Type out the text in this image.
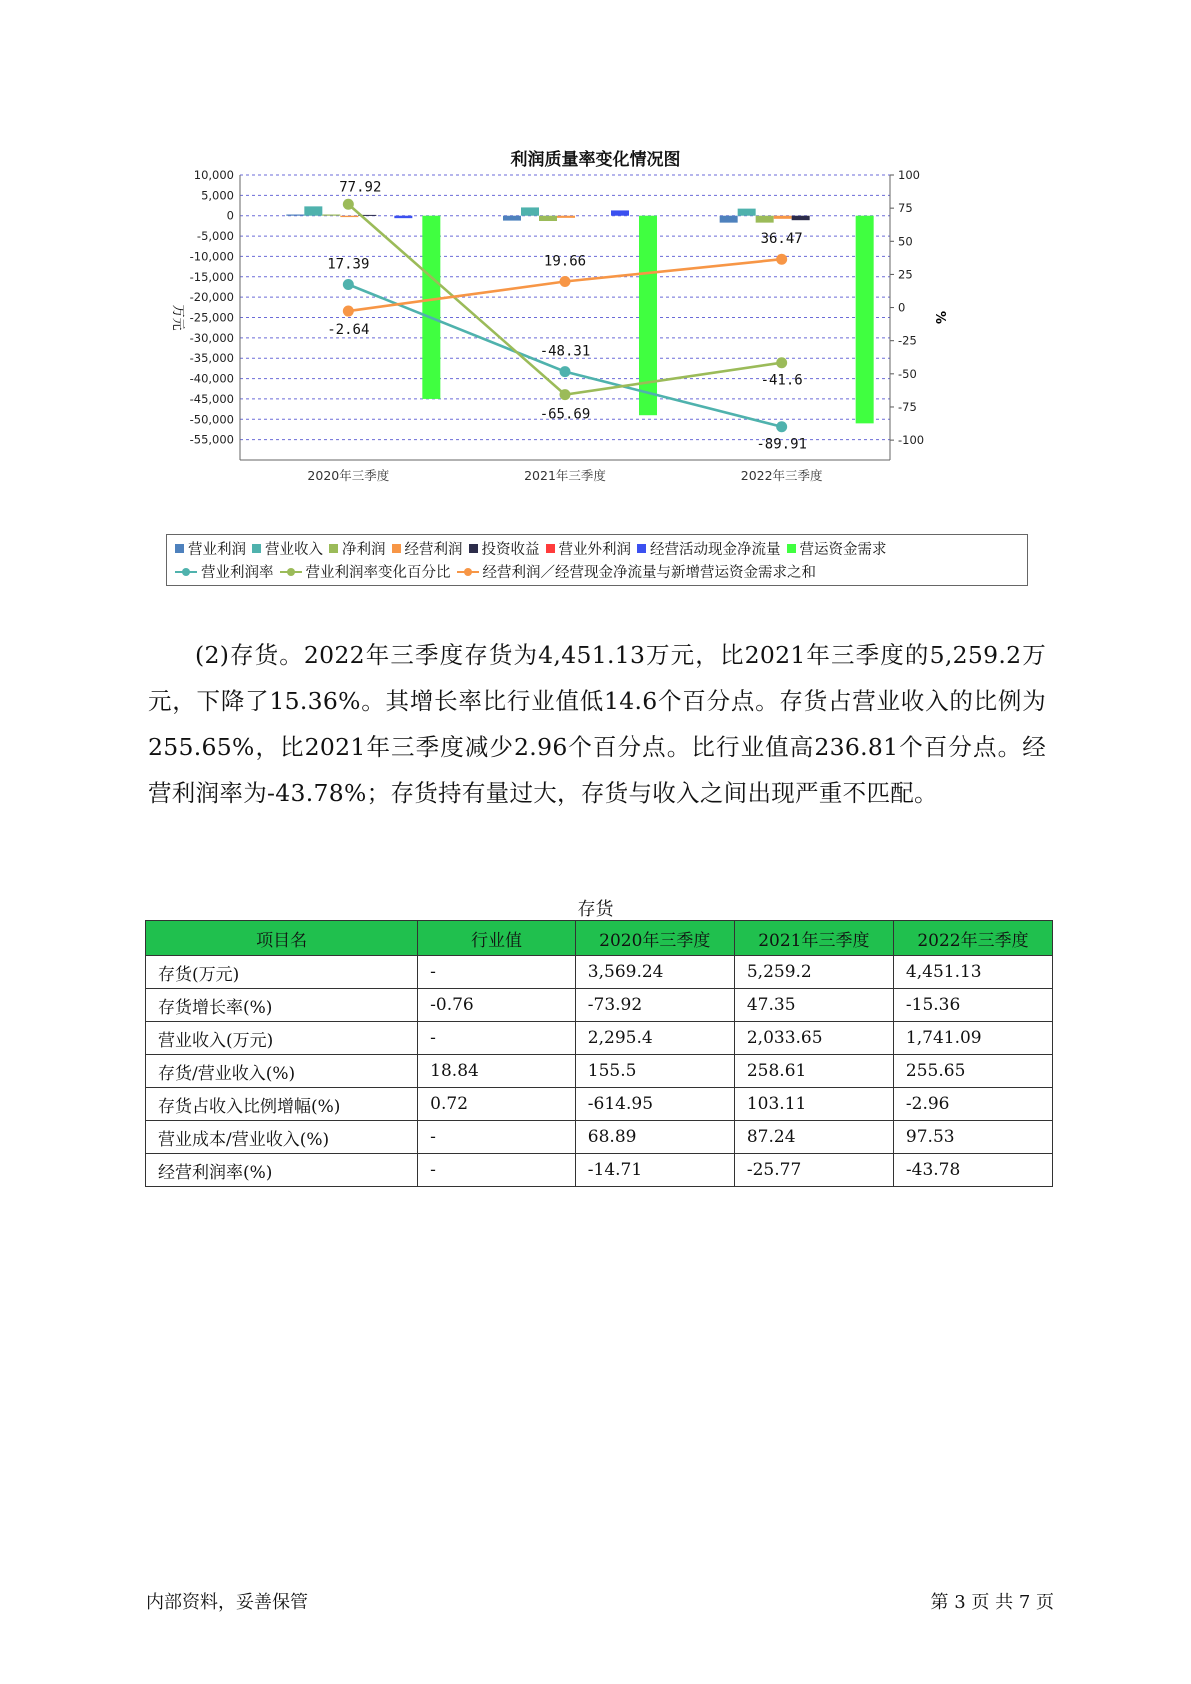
利润质量率变化情况图
10,000
5,000
0
-5,000
-10,000
-15,000
-20,000
-25,000
-30,000
-35,000
-40,000
-45,000
-50,000
-55,000
100
75
50
25
0
-25
-50
-75
-100
万元	%
2020年三季度	2021年三季度	2022年三季度
17.39
-48.31
-89.91
77.92
-65.69
-41.6
-2.64
19.66
36.47
营业利润 营业收入 净利润 经营利润 投资收益 营业外利润 经营活动现金净流量 营运资金需求
营业利润率 营业利润率变化百分比 经营利润／经营现金净流量与新增营运资金需求之和

(2)存货。2022年三季度存货为4,451.13万元，比2021年三季度的5,259.2万元，下降了15.36%。其增长率比行业值低14.6个百分点。存货占营业收入的比例为255.65%，比2021年三季度减少2.96个百分点。比行业值高236.81个百分点。经营利润率为-43.78%；存货持有量过大，存货与收入之间出现严重不匹配。

存货
项目名	行业值	2020年三季度	2021年三季度	2022年三季度
存货(万元)	-	3,569.24	5,259.2	4,451.13
存货增长率(%)	-0.76	-73.92	47.35	-15.36
营业收入(万元)	-	2,295.4	2,033.65	1,741.09
存货/营业收入(%)	18.84	155.5	258.61	255.65
存货占收入比例增幅(%)	0.72	-614.95	103.11	-2.96
营业成本/营业收入(%)	-	68.89	87.24	97.53
经营利润率(%)	-	-14.71	-25.77	-43.78
内部资料，妥善保管	第 3 页 共 7 页
